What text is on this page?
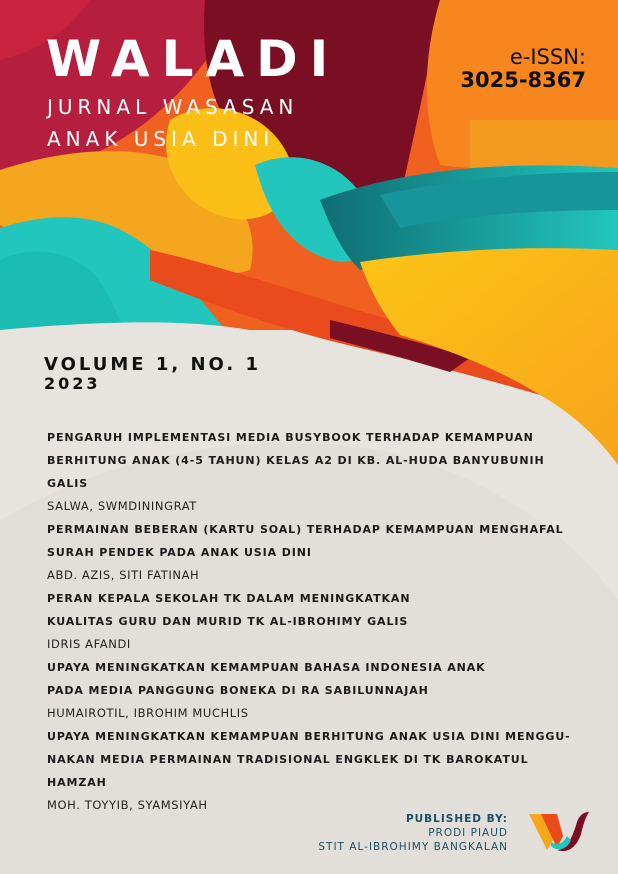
WALADI
JURNAL WASASAN
ANAK USIA DINI
e-ISSN:
3025-8367
VOLUME 1, NO. 1
2023
PENGARUH IMPLEMENTASI MEDIA BUSYBOOK TERHADAP KEMAMPUAN
BERHITUNG ANAK (4-5 TAHUN) KELAS A2 DI KB. AL-HUDA BANYUBUNIH GALIS
SALWA, SWMDININGRAT
PERMAINAN BEBERAN (KARTU SOAL) TERHADAP KEMAMPUAN MENGHAFAL
SURAH PENDEK PADA ANAK USIA DINI
ABD. AZIS, SITI FATINAH
PERAN KEPALA SEKOLAH TK DALAM MENINGKATKAN
KUALITAS GURU DAN MURID TK AL-IBROHIMY GALIS
IDRIS AFANDI
UPAYA MENINGKATKAN KEMAMPUAN BAHASA INDONESIA ANAK
PADA MEDIA PANGGUNG BONEKA DI RA SABILUNNAJAH
HUMAIROTIL, IBROHIM MUCHLIS
UPAYA MENINGKATKAN KEMAMPUAN BERHITUNG ANAK USIA DINI MENGGU-
NAKAN MEDIA PERMAINAN TRADISIONAL ENGKLEK DI TK BAROKATUL
HAMZAH
MOH. TOYYIB, SYAMSIYAH
PUBLISHED BY:
PRODI PIAUD
STIT AL-IBROHIMY BANGKALAN
